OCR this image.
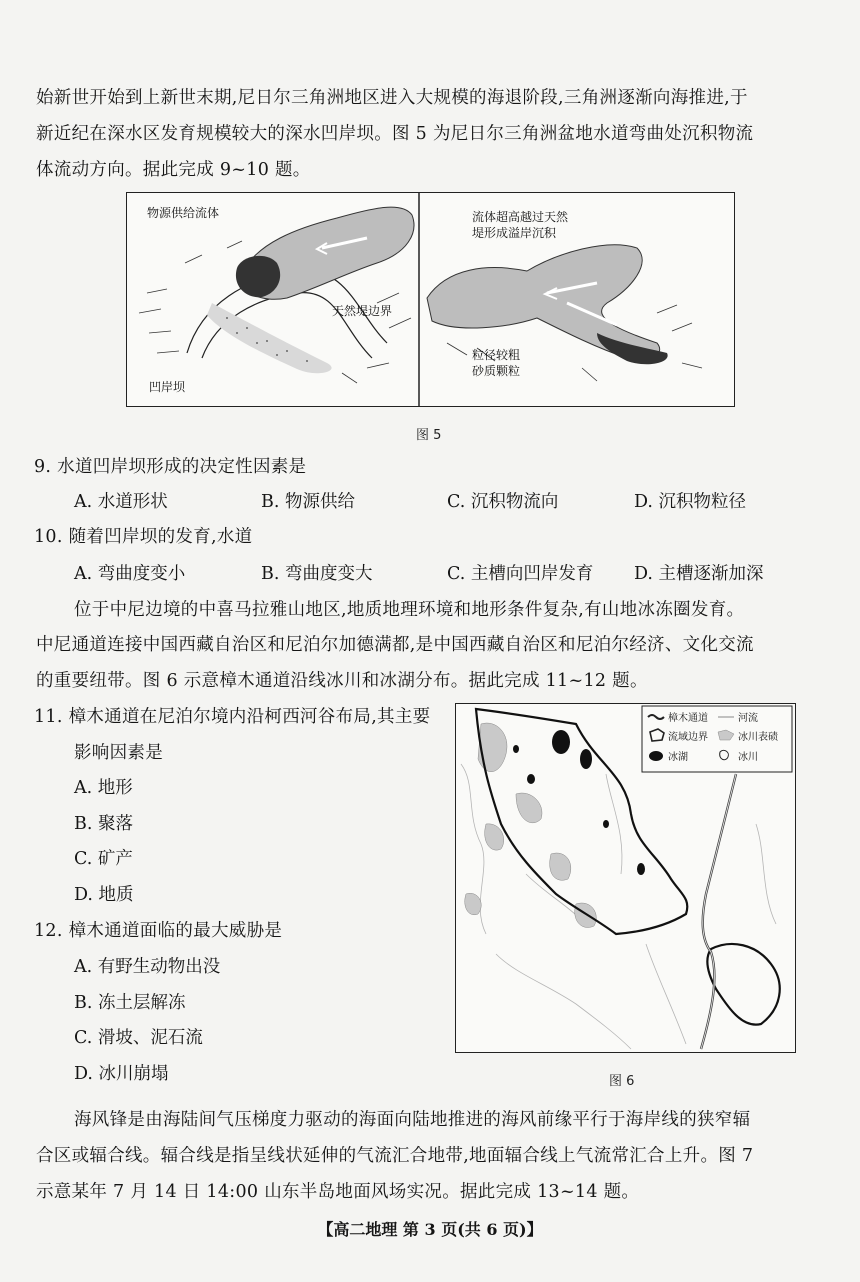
始新世开始到上新世末期,尼日尔三角洲地区进入大规模的海退阶段,三角洲逐渐向海推进,于
新近纪在深水区发育规模较大的深水凹岸坝。图 5 为尼日尔三角洲盆地水道弯曲处沉积物流
体流动方向。据此完成 9~10 题。
物源供给流体
天然堤边界
凹岸坝
流体超高越过天然
堤形成溢岸沉积
粒径较粗
砂质颗粒
图 5
9. 水道凹岸坝形成的决定性因素是
A. 水道形状	B. 物源供给	C. 沉积物流向	D. 沉积物粒径
10. 随着凹岸坝的发育,水道
A. 弯曲度变小	B. 弯曲度变大	C. 主槽向凹岸发育 D. 主槽逐渐加深
位于中尼边境的中喜马拉雅山地区,地质地理环境和地形条件复杂,有山地冰冻圈发育。
中尼通道连接中国西藏自治区和尼泊尔加德满都,是中国西藏自治区和尼泊尔经济、文化交流
的重要纽带。图 6 示意樟木通道沿线冰川和冰湖分布。据此完成 11~12 题。
11. 樟木通道在尼泊尔境内沿柯西河谷布局,其主要
影响因素是
A. 地形
B. 聚落
C. 矿产
D. 地质
12. 樟木通道面临的最大威胁是
A. 有野生动物出没
B. 冻土层解冻
C. 滑坡、泥石流
D. 冰川崩塌
樟木通道	河流
流域边界	冰川表碛
冰湖	冰川
图 6
海风锋是由海陆间气压梯度力驱动的海面向陆地推进的海风前缘平行于海岸线的狭窄辐
合区或辐合线。辐合线是指呈线状延伸的气流汇合地带,地面辐合线上气流常汇合上升。图 7
示意某年 7 月 14 日 14:00 山东半岛地面风场实况。据此完成 13~14 题。
【高二地理 第 3 页(共 6 页)】
